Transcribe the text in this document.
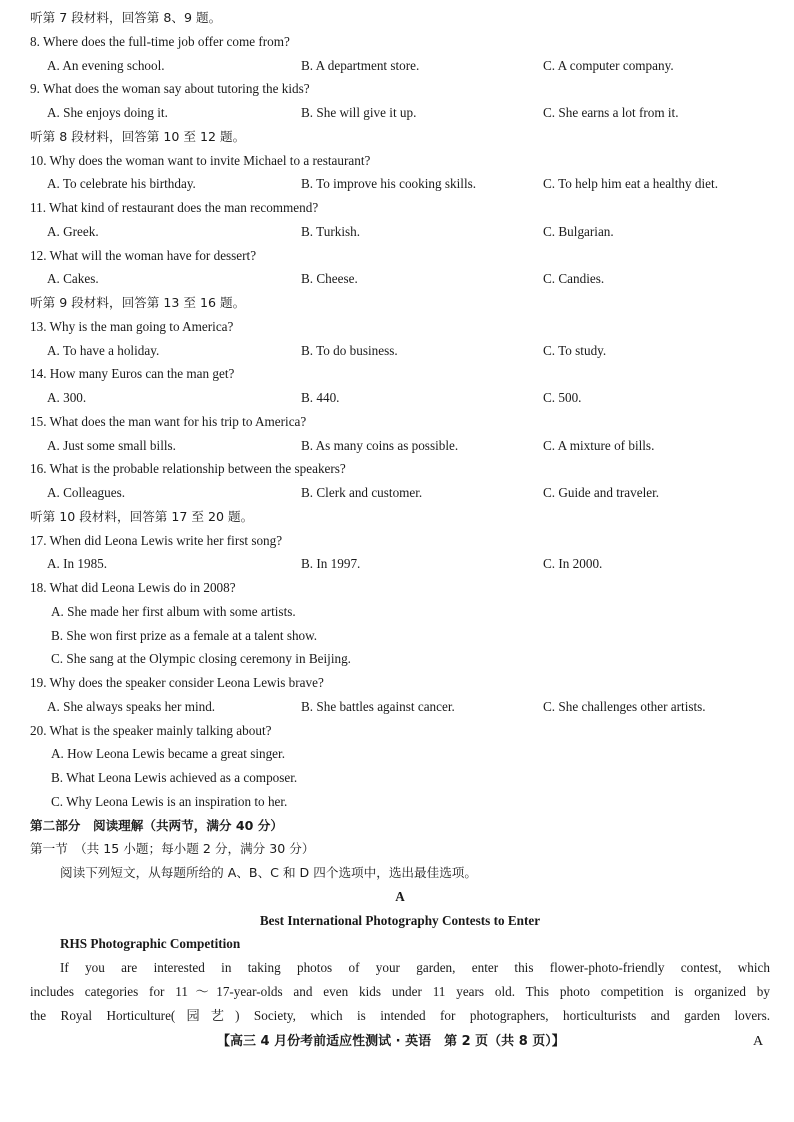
听第 7 段材料，回答第 8、9 题。
8. Where does the full-time job offer come from?
A. An evening school.	B. A department store.	C. A computer company.
9. What does the woman say about tutoring the kids?
A. She enjoys doing it.	B. She will give it up.	C. She earns a lot from it.
听第 8 段材料，回答第 10 至 12 题。
10. Why does the woman want to invite Michael to a restaurant?
A. To celebrate his birthday.	B. To improve his cooking skills.	C. To help him eat a healthy diet.
11. What kind of restaurant does the man recommend?
A. Greek.	B. Turkish.	C. Bulgarian.
12. What will the woman have for dessert?
A. Cakes.	B. Cheese.	C. Candies.
听第 9 段材料，回答第 13 至 16 题。
13. Why is the man going to America?
A. To have a holiday.	B. To do business.	C. To study.
14. How many Euros can the man get?
A. 300.	B. 440.	C. 500.
15. What does the man want for his trip to America?
A. Just some small bills.	B. As many coins as possible.	C. A mixture of bills.
16. What is the probable relationship between the speakers?
A. Colleagues.	B. Clerk and customer.	C. Guide and traveler.
听第 10 段材料，回答第 17 至 20 题。
17. When did Leona Lewis write her first song?
A. In 1985.	B. In 1997.	C. In 2000.
18. What did Leona Lewis do in 2008?
A. She made her first album with some artists.
B. She won first prize as a female at a talent show.
C. She sang at the Olympic closing ceremony in Beijing.
19. Why does the speaker consider Leona Lewis brave?
A. She always speaks her mind.	B. She battles against cancer.	C. She challenges other artists.
20. What is the speaker mainly talking about?
A. How Leona Lewis became a great singer.
B. What Leona Lewis achieved as a composer.
C. Why Leona Lewis is an inspiration to her.
第二部分　阅读理解（共两节，满分 40 分）
第一节　（共 15 小题；每小题 2 分，满分 30 分）
阅读下列短文，从每题所给的 A、B、C 和 D 四个选项中，选出最佳选项。
A
Best International Photography Contests to Enter
RHS Photographic Competition
If you are interested in taking photos of your garden, enter this flower-photo-friendly contest, which
includes categories for 11～17-year-olds and even kids under 11 years old. This photo competition is organized by
the Royal Horticulture(园艺) Society, which is intended for photographers, horticulturists and garden lovers.
【高三 4 月份考前适应性测试 · 英语　第 2 页（共 8 页）】	A
